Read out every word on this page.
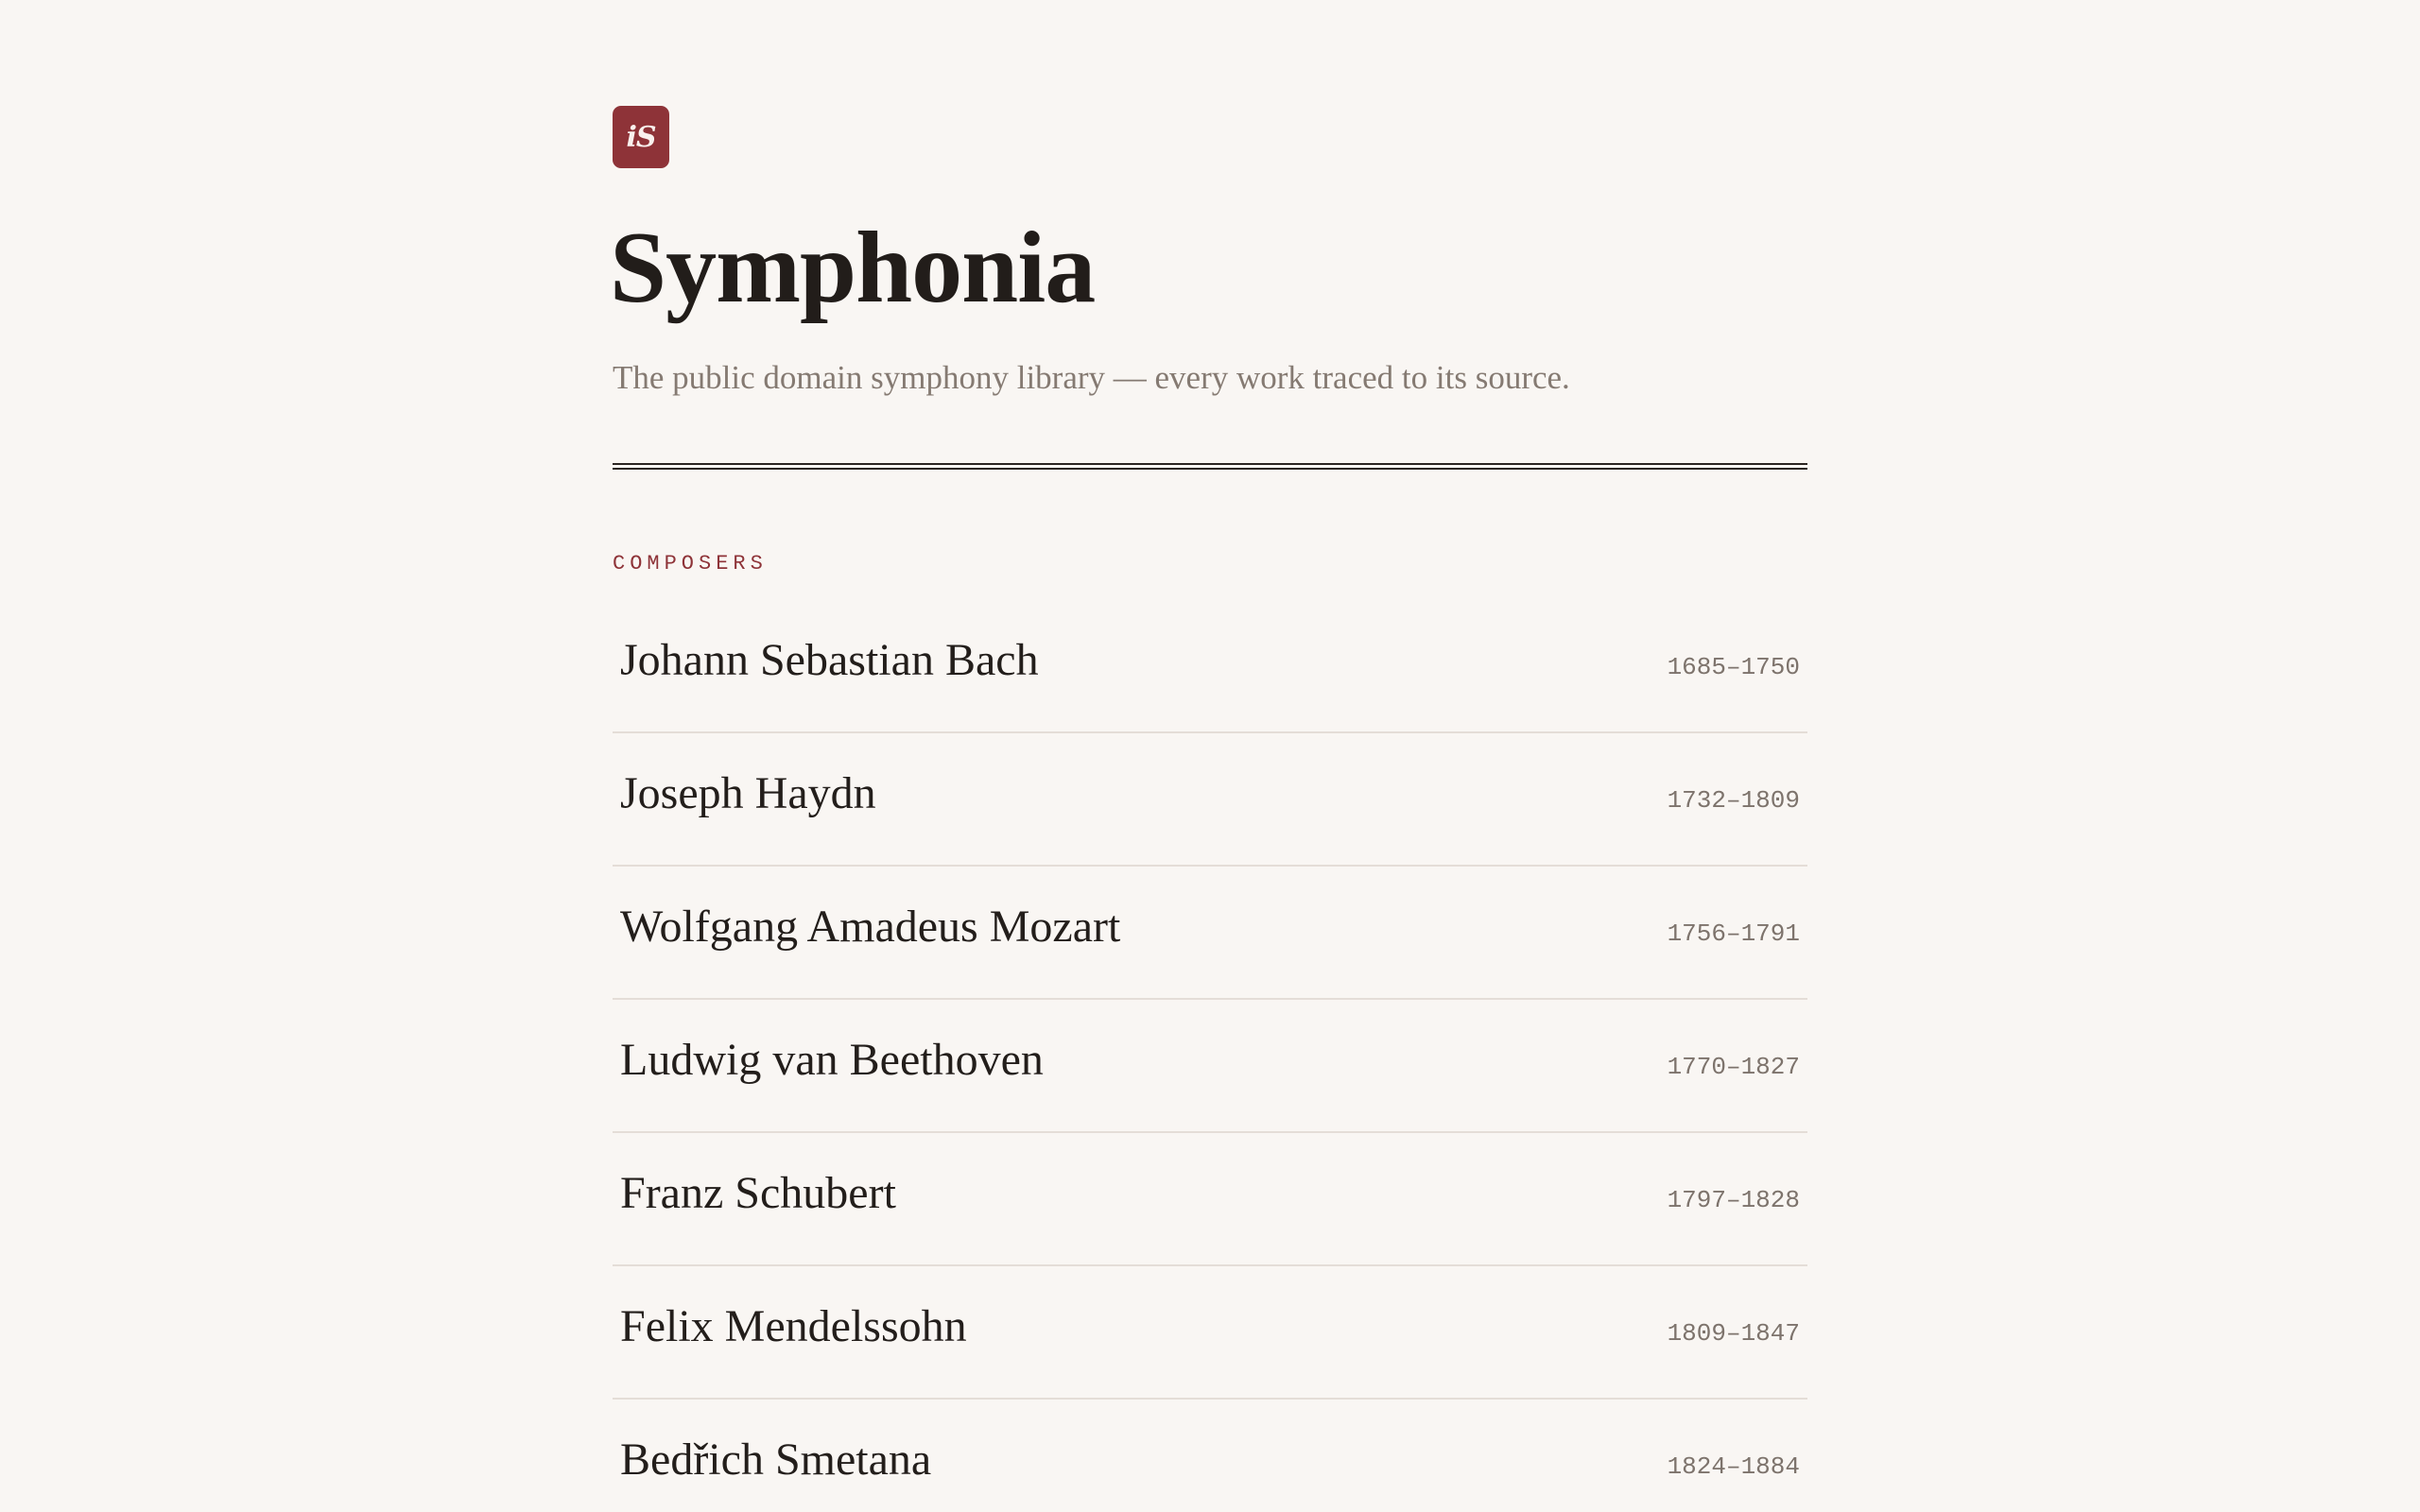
iS
Symphonia
The public domain symphony library — every work traced to its source.
COMPOSERS
Johann Sebastian Bach	1685–1750
Joseph Haydn	1732–1809
Wolfgang Amadeus Mozart	1756–1791
Ludwig van Beethoven	1770–1827
Franz Schubert	1797–1828
Felix Mendelssohn	1809–1847
Bedřich Smetana	1824–1884
